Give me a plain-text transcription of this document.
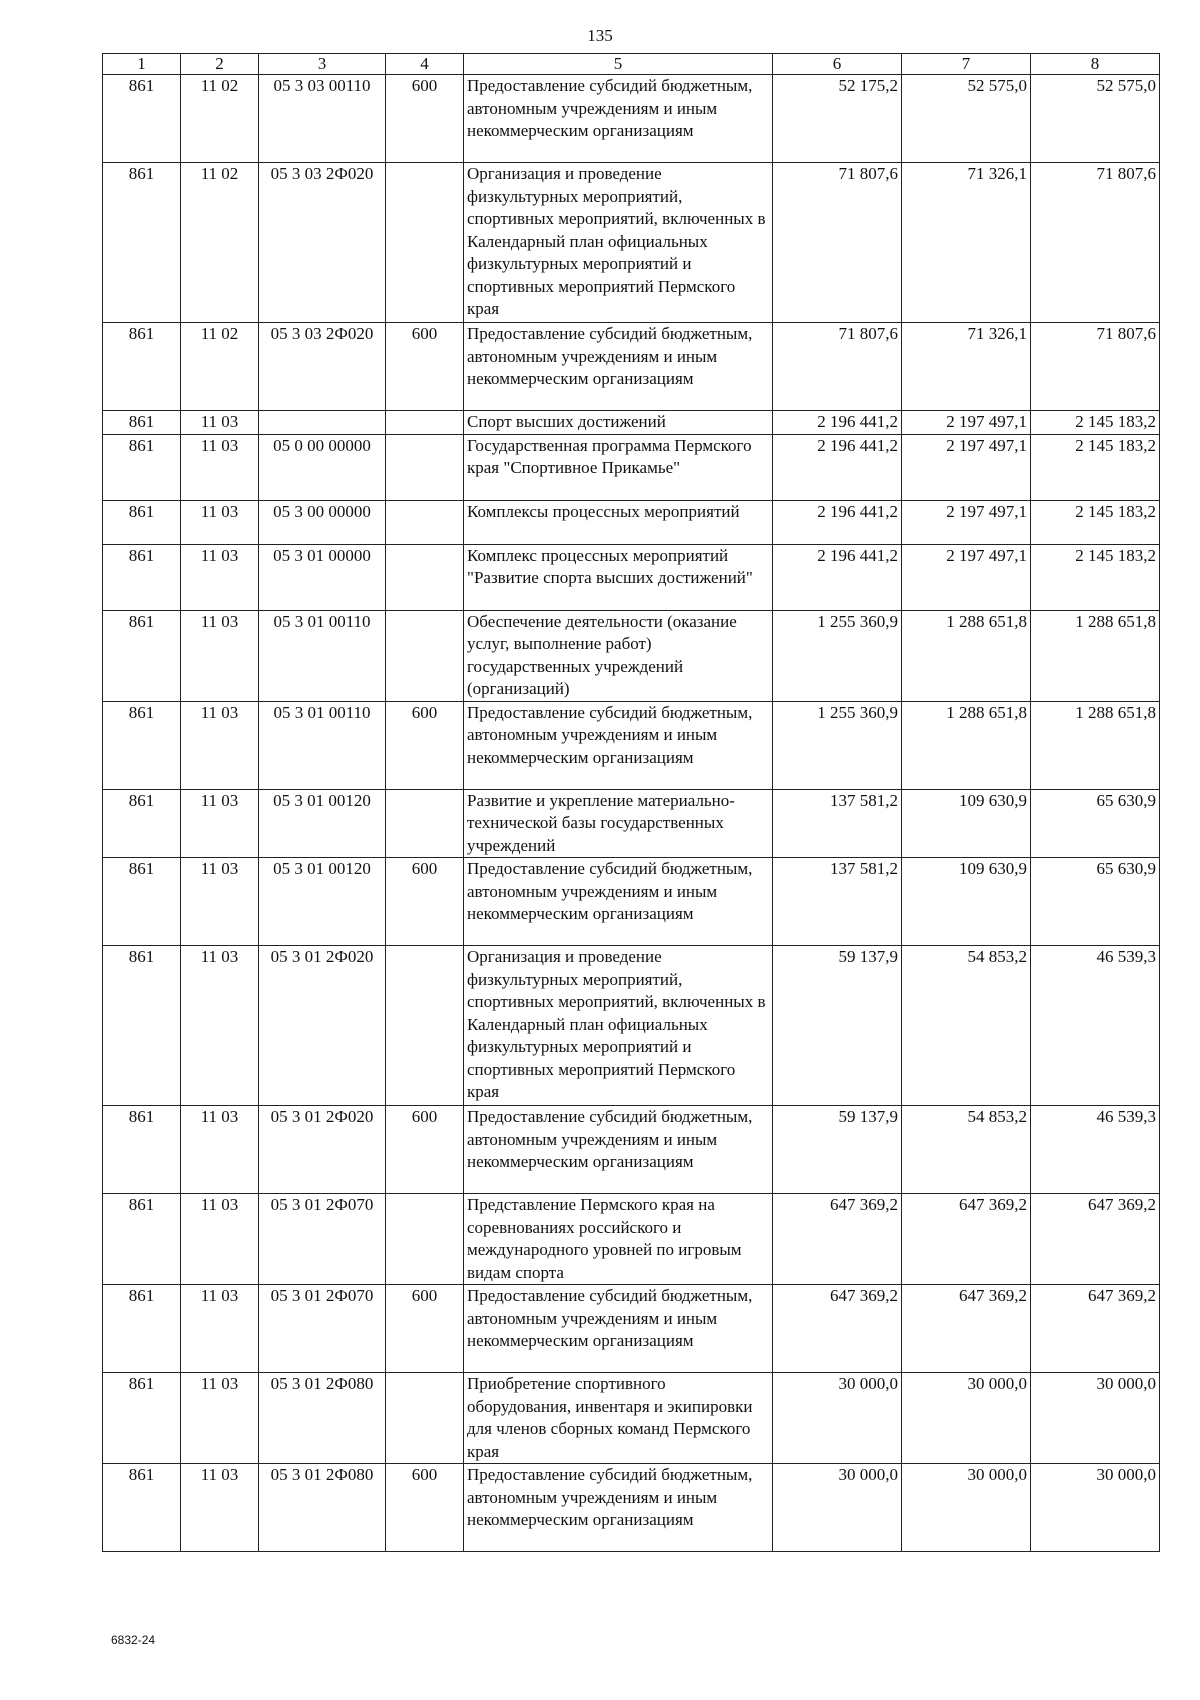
135
1	2	3	4	5	6	7	8
861	11 02	05 3 03 00110	600	Предоставление субсидий бюджетным, автономным учреждениям и иным некоммерческим организациям	52 175,2	52 575,0	52 575,0
861	11 02	05 3 03 2Ф020		Организация и проведение физкультурных мероприятий, спортивных мероприятий, включенных в Календарный план официальных физкультурных мероприятий и спортивных мероприятий Пермского края	71 807,6	71 326,1	71 807,6
861	11 02	05 3 03 2Ф020	600	Предоставление субсидий бюджетным, автономным учреждениям и иным некоммерческим организациям	71 807,6	71 326,1	71 807,6
861	11 03			Спорт высших достижений	2 196 441,2	2 197 497,1	2 145 183,2
861	11 03	05 0 00 00000		Государственная программа Пермского края "Спортивное Прикамье"	2 196 441,2	2 197 497,1	2 145 183,2
861	11 03	05 3 00 00000		Комплексы процессных мероприятий	2 196 441,2	2 197 497,1	2 145 183,2
861	11 03	05 3 01 00000		Комплекс процессных мероприятий "Развитие спорта высших достижений"	2 196 441,2	2 197 497,1	2 145 183,2
861	11 03	05 3 01 00110		Обеспечение деятельности (оказание услуг, выполнение работ) государственных учреждений (организаций)	1 255 360,9	1 288 651,8	1 288 651,8
861	11 03	05 3 01 00110	600	Предоставление субсидий бюджетным, автономным учреждениям и иным некоммерческим организациям	1 255 360,9	1 288 651,8	1 288 651,8
861	11 03	05 3 01 00120		Развитие и укрепление материально-технической базы государственных учреждений	137 581,2	109 630,9	65 630,9
861	11 03	05 3 01 00120	600	Предоставление субсидий бюджетным, автономным учреждениям и иным некоммерческим организациям	137 581,2	109 630,9	65 630,9
861	11 03	05 3 01 2Ф020		Организация и проведение физкультурных мероприятий, спортивных мероприятий, включенных в Календарный план официальных физкультурных мероприятий и спортивных мероприятий Пермского края	59 137,9	54 853,2	46 539,3
861	11 03	05 3 01 2Ф020	600	Предоставление субсидий бюджетным, автономным учреждениям и иным некоммерческим организациям	59 137,9	54 853,2	46 539,3
861	11 03	05 3 01 2Ф070		Представление Пермского края на соревнованиях российского и международного уровней по игровым видам спорта	647 369,2	647 369,2	647 369,2
861	11 03	05 3 01 2Ф070	600	Предоставление субсидий бюджетным, автономным учреждениям и иным некоммерческим организациям	647 369,2	647 369,2	647 369,2
861	11 03	05 3 01 2Ф080		Приобретение спортивного оборудования, инвентаря и экипировки для членов сборных команд Пермского края	30 000,0	30 000,0	30 000,0
861	11 03	05 3 01 2Ф080	600	Предоставление субсидий бюджетным, автономным учреждениям и иным некоммерческим организациям	30 000,0	30 000,0	30 000,0
6832-24
